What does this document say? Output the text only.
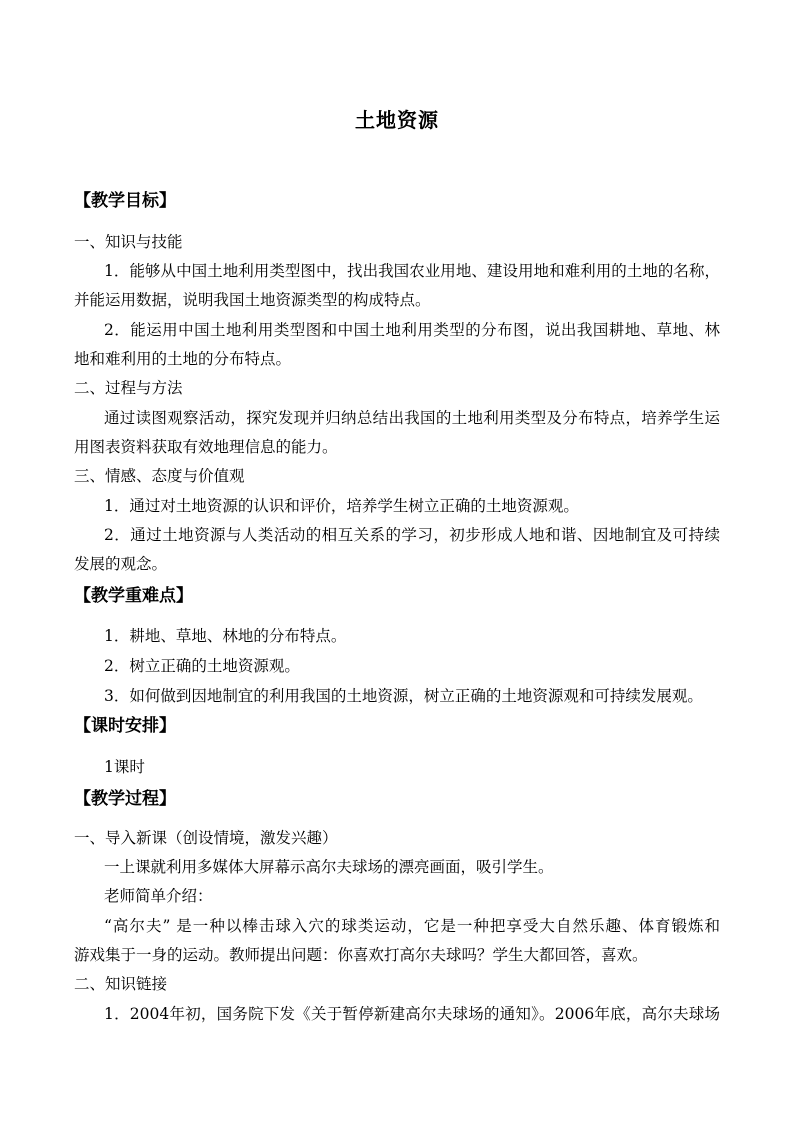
土地资源
【教学目标】
一、知识与技能
1．能够从中国土地利用类型图中，找出我国农业用地、建设用地和难利用的土地的名称，
并能运用数据，说明我国土地资源类型的构成特点。
2．能运用中国土地利用类型图和中国土地利用类型的分布图，说出我国耕地、草地、林
地和难利用的土地的分布特点。
二、过程与方法
通过读图观察活动，探究发现并归纳总结出我国的土地利用类型及分布特点，培养学生运
用图表资料获取有效地理信息的能力。
三、情感、态度与价值观
1．通过对土地资源的认识和评价，培养学生树立正确的土地资源观。
2．通过土地资源与人类活动的相互关系的学习，初步形成人地和谐、因地制宜及可持续
发展的观念。
【教学重难点】
1．耕地、草地、林地的分布特点。
2．树立正确的土地资源观。
3．如何做到因地制宜的利用我国的土地资源，树立正确的土地资源观和可持续发展观。
【课时安排】
1课时
【教学过程】
一、导入新课（创设情境，激发兴趣）
一上课就利用多媒体大屏幕示高尔夫球场的漂亮画面，吸引学生。
老师简单介绍：
“高尔夫” 是一种以棒击球入穴的球类运动，它是一种把享受大自然乐趣、体育锻炼和
游戏集于一身的运动。教师提出问题：你喜欢打高尔夫球吗？学生大都回答，喜欢。
二、知识链接
1．2004年初，国务院下发《关于暂停新建高尔夫球场的通知》。2006年底，高尔夫球场
